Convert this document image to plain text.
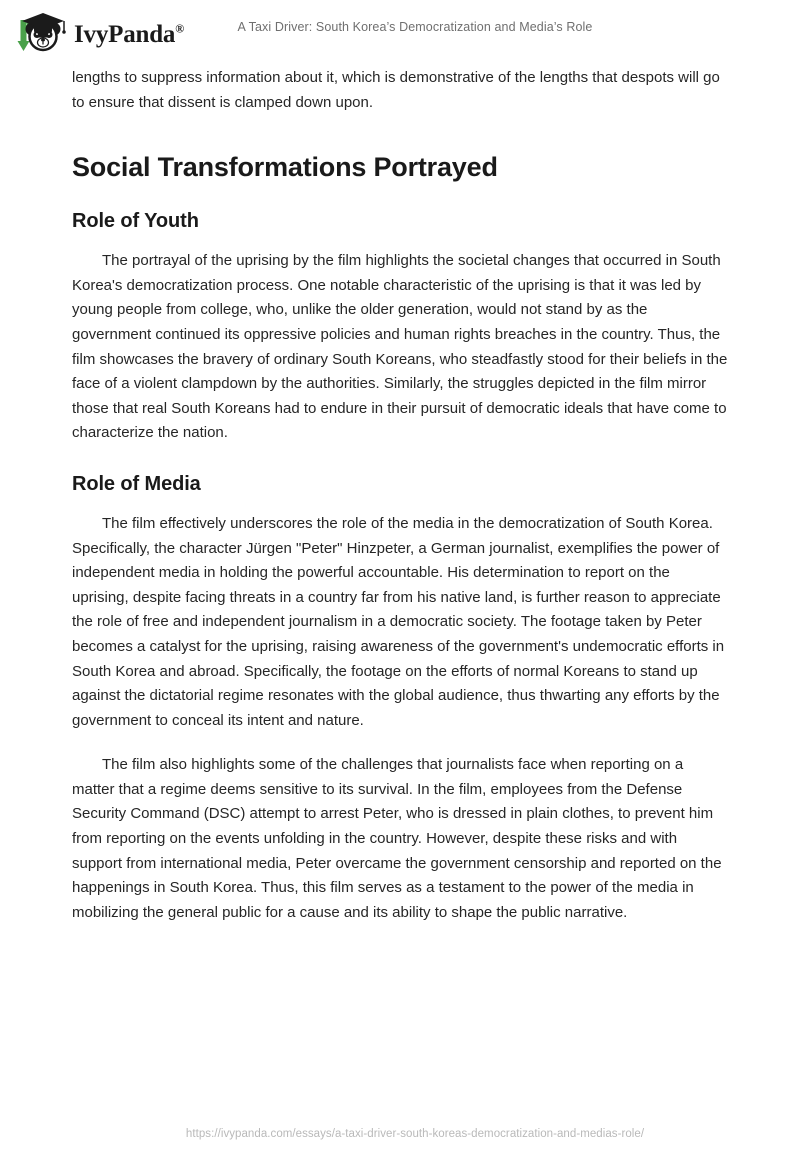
IvyPanda®	A Taxi Driver: South Korea’s Democratization and Media’s Role

lengths to suppress information about it, which is demonstrative of the lengths that despots will go to ensure that dissent is clamped down upon.

Social Transformations Portrayed
Role of Youth

The portrayal of the uprising by the film highlights the societal changes that occurred in South Korea's democratization process. One notable characteristic of the uprising is that it was led by young people from college, who, unlike the older generation, would not stand by as the government continued its oppressive policies and human rights breaches in the country. Thus, the film showcases the bravery of ordinary South Koreans, who steadfastly stood for their beliefs in the face of a violent clampdown by the authorities. Similarly, the struggles depicted in the film mirror those that real South Koreans had to endure in their pursuit of democratic ideals that have come to characterize the nation.

Role of Media

The film effectively underscores the role of the media in the democratization of South Korea. Specifically, the character Jürgen "Peter" Hinzpeter, a German journalist, exemplifies the power of independent media in holding the powerful accountable. His determination to report on the uprising, despite facing threats in a country far from his native land, is further reason to appreciate the role of free and independent journalism in a democratic society. The footage taken by Peter becomes a catalyst for the uprising, raising awareness of the government's undemocratic efforts in South Korea and abroad. Specifically, the footage on the efforts of normal Koreans to stand up against the dictatorial regime resonates with the global audience, thus thwarting any efforts by the government to conceal its intent and nature.

The film also highlights some of the challenges that journalists face when reporting on a matter that a regime deems sensitive to its survival. In the film, employees from the Defense Security Command (DSC) attempt to arrest Peter, who is dressed in plain clothes, to prevent him from reporting on the events unfolding in the country. However, despite these risks and with support from international media, Peter overcame the government censorship and reported on the happenings in South Korea. Thus, this film serves as a testament to the power of the media in mobilizing the general public for a cause and its ability to shape the public narrative.

https://ivypanda.com/essays/a-taxi-driver-south-koreas-democratization-and-medias-role/
